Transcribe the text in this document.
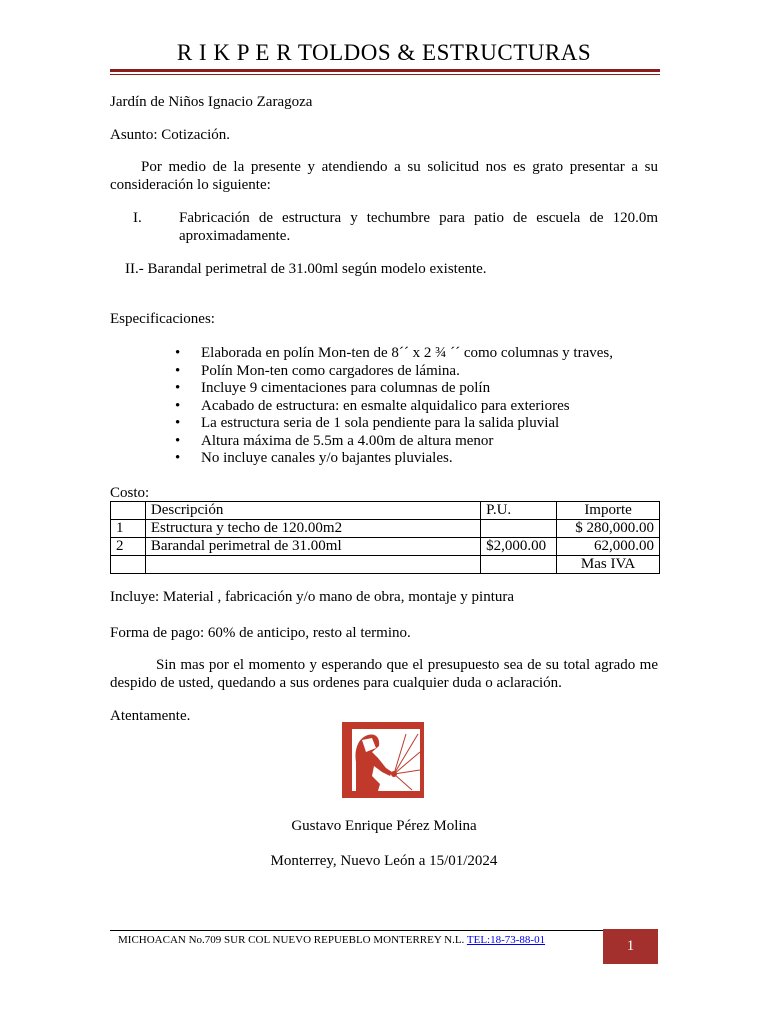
R I K P E R TOLDOS & ESTRUCTURAS
Jardín de Niños Ignacio Zaragoza
Asunto: Cotización.
Por medio de la presente y atendiendo a su solicitud nos es grato presentar a su consideración lo siguiente:
I. Fabricación de estructura y techumbre para patio de escuela de 120.0m aproximadamente.
II.- Barandal perimetral de 31.00ml según modelo existente.
Especificaciones:
• Elaborada en polín Mon-ten de 8´´ x 2 ¾ ´´ como columnas y traves,
• Polín Mon-ten como cargadores de lámina.
• Incluye 9 cimentaciones para columnas de polín
• Acabado de estructura: en esmalte alquidalico para exteriores
• La estructura seria de 1 sola pendiente para la salida pluvial
• Altura máxima de 5.5m a 4.00m de altura menor
• No incluye canales y/o bajantes pluviales.
Costo:
	Descripción	P.U.	Importe
1	Estructura y techo de 120.00m2		$ 280,000.00
2	Barandal perimetral de 31.00ml	$2,000.00	62,000.00
			Mas IVA
Incluye: Material , fabricación y/o mano de obra, montaje y pintura
Forma de pago: 60% de anticipo, resto al termino.
Sin mas por el momento y esperando que el presupuesto sea de su total agrado me despido de usted, quedando a sus ordenes para cualquier duda o aclaración.
Atentamente.
Gustavo Enrique Pérez Molina
Monterrey, Nuevo León a 15/01/2024
MICHOACAN No.709 SUR COL NUEVO REPUEBLO MONTERREY N.L. TEL:18-73-88-01	1
